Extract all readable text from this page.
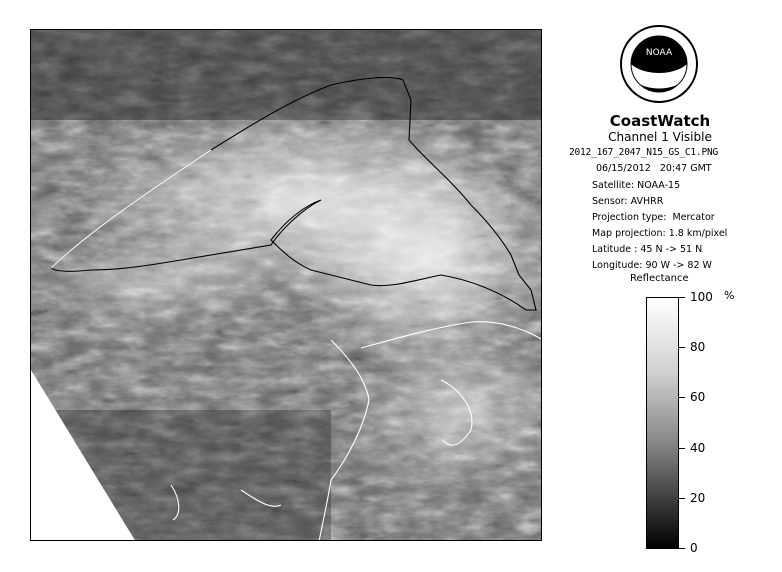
NOAA
CoastWatch
Channel 1 Visible
2012_167_2047_N15_GS_C1.PNG
06/15/2012   20:47 GMT
Satellite: NOAA-15
Sensor: AVHRR
Projection type:  Mercator
Map projection: 1.8 km/pixel
Latitude : 45 N -> 51 N
Longitude: 90 W -> 82 W
Reflectance
%
100
80
60
40
20
0
